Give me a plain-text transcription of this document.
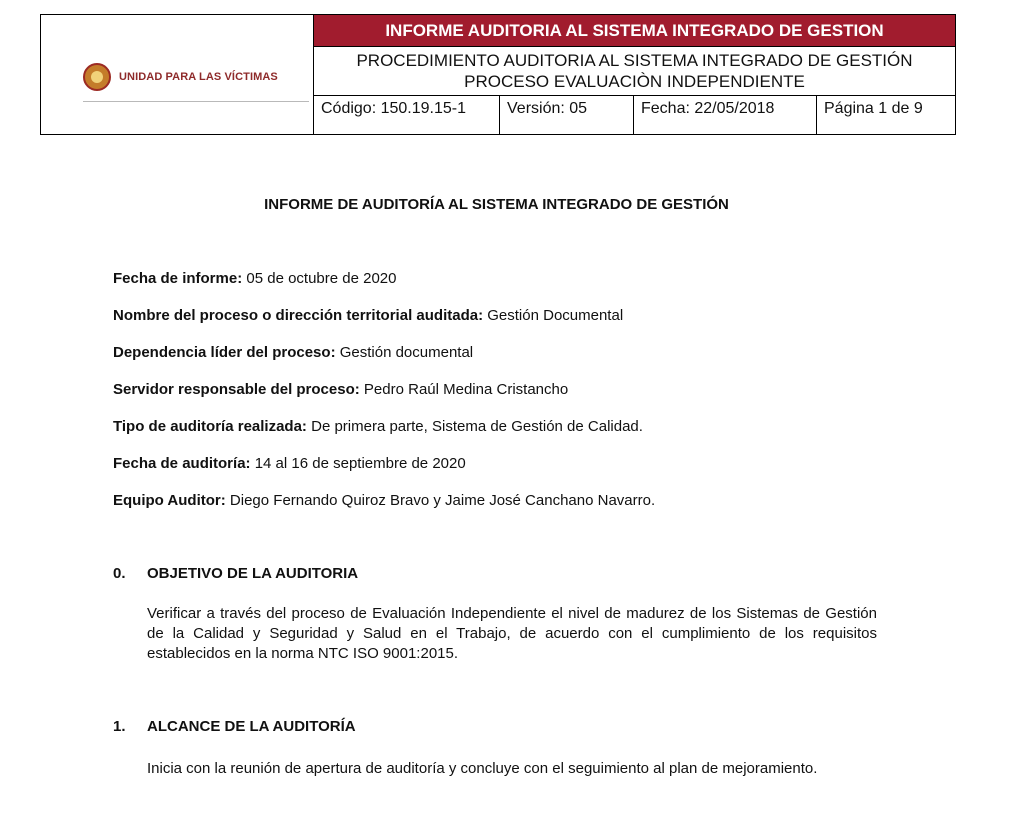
UNIDAD PARA LAS VÍCTIMAS
INFORME AUDITORIA AL SISTEMA INTEGRADO DE GESTION
PROCEDIMIENTO AUDITORIA AL SISTEMA INTEGRADO DE GESTIÓN
PROCESO EVALUACIÒN INDEPENDIENTE
Código: 150.19.15-1	Versión: 05	Fecha: 22/05/2018	Página 1 de 9
INFORME DE AUDITORÍA AL SISTEMA INTEGRADO DE GESTIÓN
Fecha de informe: 05 de octubre de 2020
Nombre del proceso o dirección territorial auditada: Gestión Documental
Dependencia líder del proceso: Gestión documental
Servidor responsable del proceso: Pedro Raúl Medina Cristancho
Tipo de auditoría realizada: De primera parte, Sistema de Gestión de Calidad.
Fecha de auditoría: 14 al 16 de septiembre de 2020
Equipo Auditor: Diego Fernando Quiroz Bravo y Jaime José Canchano Navarro.
0. OBJETIVO DE LA AUDITORIA
Verificar a través del proceso de Evaluación Independiente el nivel de madurez de los Sistemas de Gestión de la Calidad y Seguridad y Salud en el Trabajo, de acuerdo con el cumplimiento de los requisitos establecidos en la norma NTC ISO 9001:2015.
1. ALCANCE DE LA AUDITORÍA
Inicia con la reunión de apertura de auditoría y concluye con el seguimiento al plan de mejoramiento.
